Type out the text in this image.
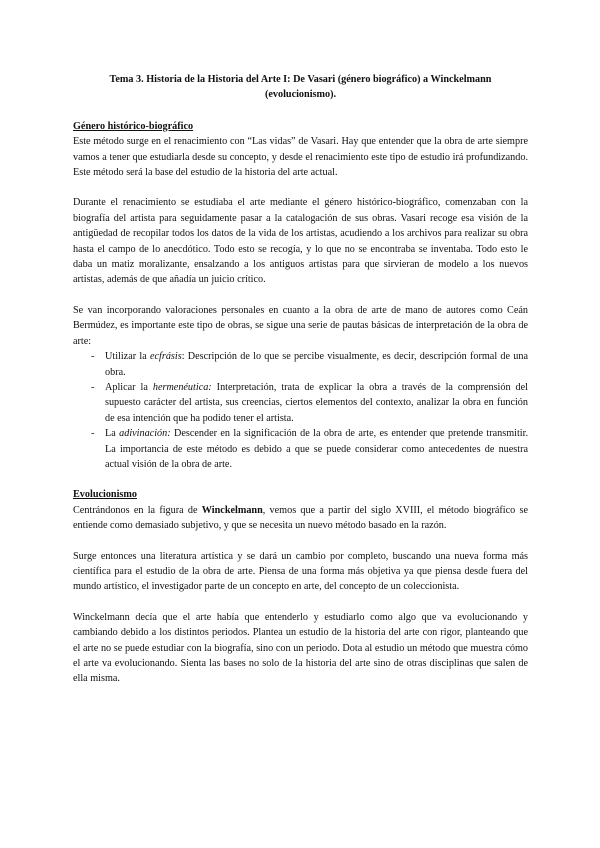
Tema 3. Historia de la Historia del Arte I: De Vasari (género biográfico) a Winckelmann (evolucionismo).

Género histórico-biográfico

Este método surge en el renacimiento con “Las vidas” de Vasari. Hay que entender que la obra de arte siempre vamos a tener que estudiarla desde su concepto, y desde el renacimiento este tipo de estudio irá profundizando. Este método será la base del estudio de la historia del arte actual.

Durante el renacimiento se estudiaba el arte mediante el género histórico-biográfico, comenzaban con la biografía del artista para seguidamente pasar a la catalogación de sus obras. Vasari recoge esa visión de la antigüedad de recopilar todos los datos de la vida de los artistas, acudiendo a los archivos para realizar su obra hasta el campo de lo anecdótico. Todo esto se recogía, y lo que no se encontraba se inventaba. Todo esto le daba un matiz moralizante, ensalzando a los antiguos artistas para que sirvieran de modelo a los nuevos artistas, además de que añadía un juicio crítico.

Se van incorporando valoraciones personales en cuanto a la obra de arte de mano de autores como Ceán Bermúdez, es importante este tipo de obras, se sigue una serie de pautas básicas de interpretación de la obra de arte:

- Utilizar la ecfrásis: Descripción de lo que se percibe visualmente, es decir, descripción formal de una obra.
- Aplicar la hermenéutica: Interpretación, trata de explicar la obra a través de la comprensión del supuesto carácter del artista, sus creencias, ciertos elementos del contexto, analizar la obra en función de esa intención que ha podido tener el artista.
- La adivinación: Descender en la significación de la obra de arte, es entender que pretende transmitir. La importancia de este método es debido a que se puede considerar como antecedentes de nuestra actual visión de la obra de arte.

Evolucionismo

Centrándonos en la figura de Winckelmann, vemos que a partir del siglo XVIII, el método biográfico se entiende como demasiado subjetivo, y que se necesita un nuevo método basado en la razón.

Surge entonces una literatura artística y se dará un cambio por completo, buscando una nueva forma más científica para el estudio de la obra de arte. Piensa de una forma más objetiva ya que piensa desde fuera del mundo artístico, el investigador parte de un concepto en arte, del concepto de un coleccionista.

Winckelmann decía que el arte había que entenderlo y estudiarlo como algo que va evolucionando y cambiando debido a los distintos periodos. Plantea un estudio de la historia del arte con rigor, planteando que el arte no se puede estudiar con la biografía, sino con un periodo. Dota al estudio un método que muestra cómo el arte va evolucionando. Sienta las bases no solo de la historia del arte sino de otras disciplinas que salen de ella misma.
